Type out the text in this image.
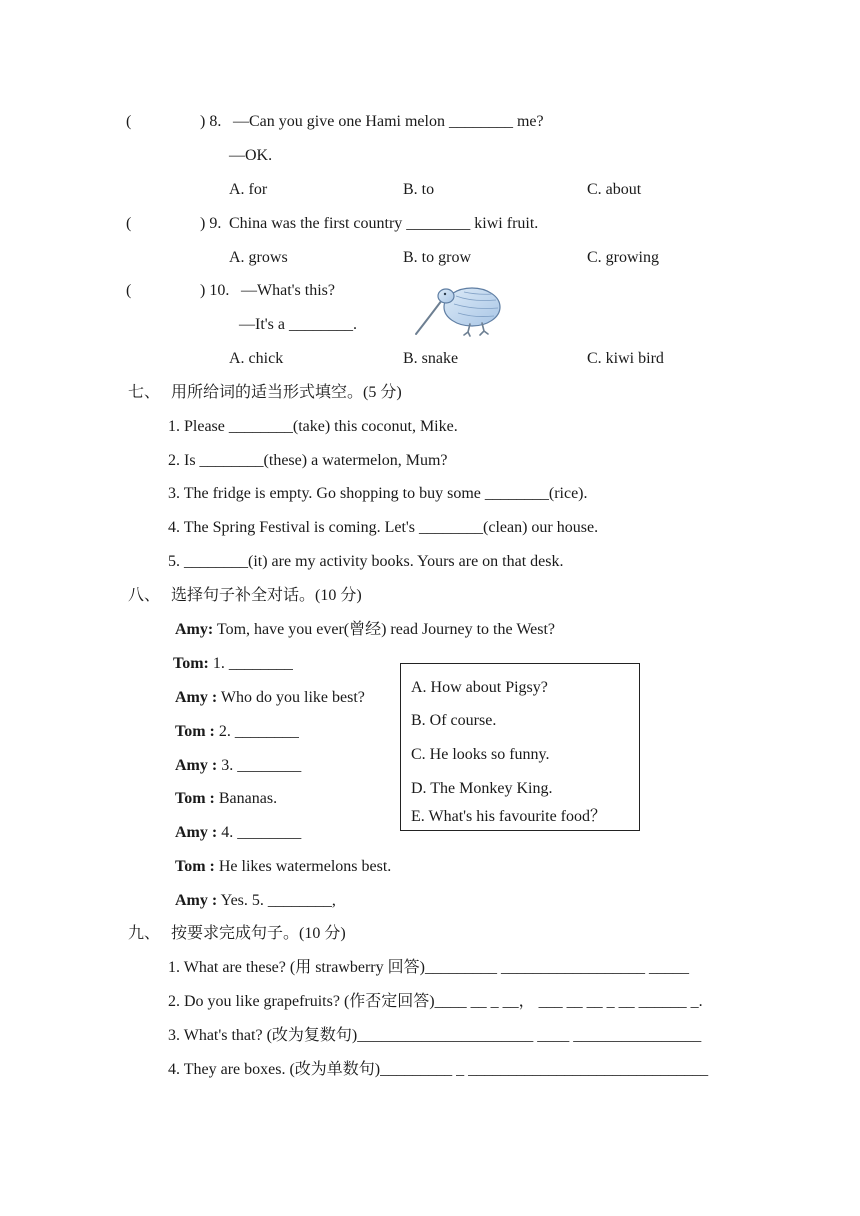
(	) 8. —Can you give one Hami melon ________ me?
—OK.
A. for	B. to	C. about
(	) 9. China was the first country ________ kiwi fruit.
A. grows	B. to grow	C. growing
(	) 10. —What's this?
—It's a ________.
A. chick	B. snake	C. kiwi bird
七、 用所给词的适当形式填空。(5 分)
1. Please ________(take) this coconut, Mike.
2. Is ________(these) a watermelon, Mum?
3. The fridge is empty. Go shopping to buy some ________(rice).
4. The Spring Festival is coming. Let's ________(clean) our house.
5. ________(it) are my activity books. Yours are on that desk.
八、 选择句子补全对话。(10 分)
Amy: Tom, have you ever(曾经) read Journey to the West?
Tom: 1. ________
Amy : Who do you like best?
Tom : 2. ________
Amy : 3. ________
Tom : Bananas.
Amy : 4. ________
Tom : He likes watermelons best.
Amy : Yes. 5. ________,
A. How about Pigsy?
B. Of course.
C. He looks so funny.
D. The Monkey King.
E. What's his favourite food？
九、 按要求完成句子。(10 分)
1. What are these? (用 strawberry 回答)_________ __________________ _____
2. Do you like grapefruits? (作否定回答)____ __ _ __， ___ __ __ _ __ ______ _.
3. What's that? (改为复数句)______________________ ____ ________________
4. They are boxes. (改为单数句)_________ _ ______________________________
